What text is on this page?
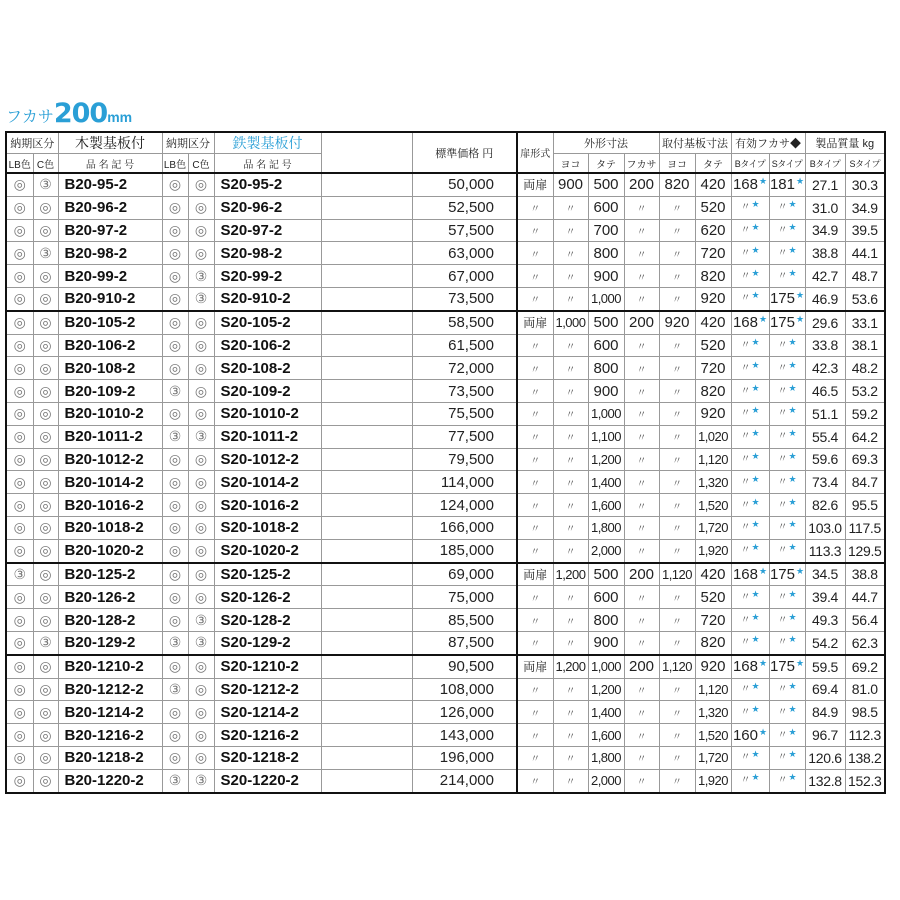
フカサ200mm
納期区分		木製基板付	納期区分		鉄製基板付		標準価格 円	扉形式	外形寸法			取付基板寸法		有効フカサ◆		製品質量 kg	
LB色	C色	品 名 記 号	LB色	C色	品 名 記 号				ヨコ	タテ	フカサ	ヨコ	タテ	Bタイプ	Sタイプ	Bタイプ	Sタイプ
◎	③	B20-95-2	◎	◎	S20-95-2		50,000	両扉	900	500	200	820	420	168★	181★	27.1	30.3
◎	◎	B20-96-2	◎	◎	S20-96-2		52,500	〃	〃	600	〃	〃	520	〃★	〃★	31.0	34.9
◎	◎	B20-97-2	◎	◎	S20-97-2		57,500	〃	〃	700	〃	〃	620	〃★	〃★	34.9	39.5
◎	③	B20-98-2	◎	◎	S20-98-2		63,000	〃	〃	800	〃	〃	720	〃★	〃★	38.8	44.1
◎	◎	B20-99-2	◎	③	S20-99-2		67,000	〃	〃	900	〃	〃	820	〃★	〃★	42.7	48.7
◎	◎	B20-910-2	◎	③	S20-910-2		73,500	〃	〃	1,000	〃	〃	920	〃★	175★	46.9	53.6
◎	◎	B20-105-2	◎	◎	S20-105-2		58,500	両扉	1,000	500	200	920	420	168★	175★	29.6	33.1
◎	◎	B20-106-2	◎	◎	S20-106-2		61,500	〃	〃	600	〃	〃	520	〃★	〃★	33.8	38.1
◎	◎	B20-108-2	◎	◎	S20-108-2		72,000	〃	〃	800	〃	〃	720	〃★	〃★	42.3	48.2
◎	◎	B20-109-2	③	◎	S20-109-2		73,500	〃	〃	900	〃	〃	820	〃★	〃★	46.5	53.2
◎	◎	B20-1010-2	◎	◎	S20-1010-2		75,500	〃	〃	1,000	〃	〃	920	〃★	〃★	51.1	59.2
◎	◎	B20-1011-2	③	③	S20-1011-2		77,500	〃	〃	1,100	〃	〃	1,020	〃★	〃★	55.4	64.2
◎	◎	B20-1012-2	◎	◎	S20-1012-2		79,500	〃	〃	1,200	〃	〃	1,120	〃★	〃★	59.6	69.3
◎	◎	B20-1014-2	◎	◎	S20-1014-2		114,000	〃	〃	1,400	〃	〃	1,320	〃★	〃★	73.4	84.7
◎	◎	B20-1016-2	◎	◎	S20-1016-2		124,000	〃	〃	1,600	〃	〃	1,520	〃★	〃★	82.6	95.5
◎	◎	B20-1018-2	◎	◎	S20-1018-2		166,000	〃	〃	1,800	〃	〃	1,720	〃★	〃★	103.0	117.5
◎	◎	B20-1020-2	◎	◎	S20-1020-2		185,000	〃	〃	2,000	〃	〃	1,920	〃★	〃★	113.3	129.5
③	◎	B20-125-2	◎	◎	S20-125-2		69,000	両扉	1,200	500	200	1,120	420	168★	175★	34.5	38.8
◎	◎	B20-126-2	◎	◎	S20-126-2		75,000	〃	〃	600	〃	〃	520	〃★	〃★	39.4	44.7
◎	◎	B20-128-2	◎	③	S20-128-2		85,500	〃	〃	800	〃	〃	720	〃★	〃★	49.3	56.4
◎	③	B20-129-2	③	③	S20-129-2		87,500	〃	〃	900	〃	〃	820	〃★	〃★	54.2	62.3
◎	◎	B20-1210-2	◎	◎	S20-1210-2		90,500	両扉	1,200	1,000	200	1,120	920	168★	175★	59.5	69.2
◎	◎	B20-1212-2	③	◎	S20-1212-2		108,000	〃	〃	1,200	〃	〃	1,120	〃★	〃★	69.4	81.0
◎	◎	B20-1214-2	◎	◎	S20-1214-2		126,000	〃	〃	1,400	〃	〃	1,320	〃★	〃★	84.9	98.5
◎	◎	B20-1216-2	◎	◎	S20-1216-2		143,000	〃	〃	1,600	〃	〃	1,520	160★	〃★	96.7	112.3
◎	◎	B20-1218-2	◎	◎	S20-1218-2		196,000	〃	〃	1,800	〃	〃	1,720	〃★	〃★	120.6	138.2
◎	◎	B20-1220-2	③	③	S20-1220-2		214,000	〃	〃	2,000	〃	〃	1,920	〃★	〃★	132.8	152.3
